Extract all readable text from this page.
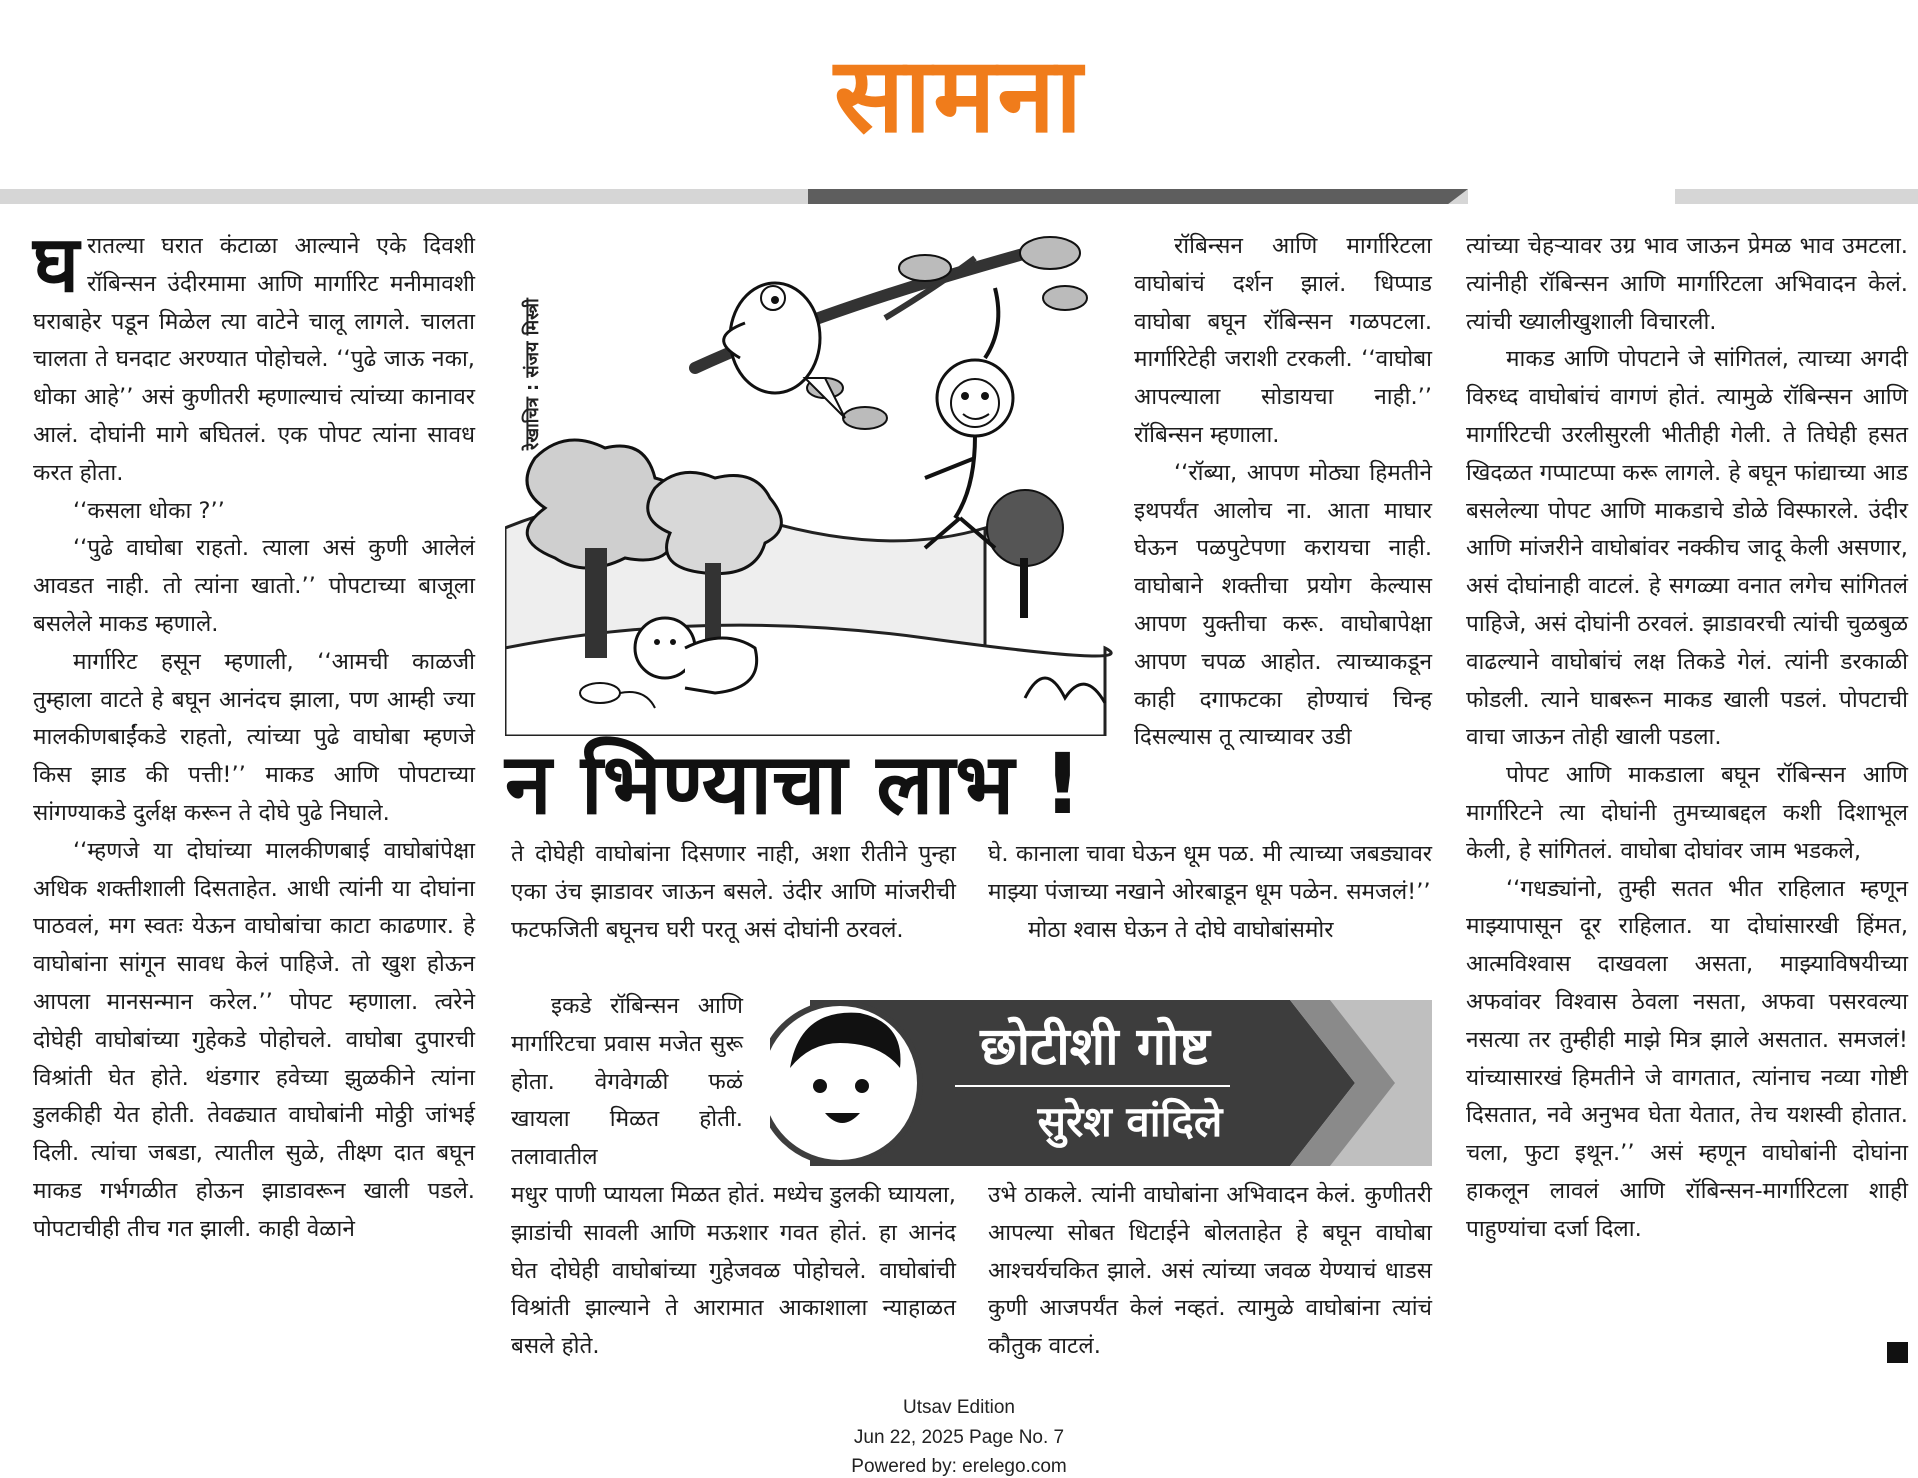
सामना

घरातल्या घरात कंटाळा आल्याने एके दिवशी रॉबिन्सन उंदीरमामा आणि मार्गारिट मनीमावशी घराबाहेर पडून मिळेल त्या वाटेने चालू लागले. चालता चालता ते घनदाट अरण्यात पोहोचले. ‘‘पुढे जाऊ नका, धोका आहे’’ असं कुणीतरी म्हणाल्याचं त्यांच्या कानावर आलं. दोघांनी मागे बघितलं. एक पोपट त्यांना सावध करत होता.

‘‘कसला धोका ?’’

‘‘पुढे वाघोबा राहतो. त्याला असं कुणी आलेलं आवडत नाही. तो त्यांना खातो.’’ पोपटाच्या बाजूला बसलेले माकड म्हणाले.

मार्गारिट हसून म्हणाली, ‘‘आमची काळजी तुम्हाला वाटते हे बघून आनंदच झाला, पण आम्ही ज्या मालकीणबाईंकडे राहतो, त्यांच्या पुढे वाघोबा म्हणजे किस झाड की पत्ती!’’ माकड आणि पोपटाच्या सांगण्याकडे दुर्लक्ष करून ते दोघे पुढे निघाले.

‘‘म्हणजे या दोघांच्या मालकीणबाई वाघोबांपेक्षा अधिक शक्तीशाली दिसताहेत. आधी त्यांनी या दोघांना पाठवलं, मग स्वतः येऊन वाघोबांचा काटा काढणार. हे वाघोबांना सांगून सावध केलं पाहिजे. तो खुश होऊन आपला मानसन्मान करेल.’’ पोपट म्हणाला. त्वरेने दोघेही वाघोबांच्या गुहेकडे पोहोचले. वाघोबा दुपारची विश्रांती घेत होते. थंडगार हवेच्या झुळकीने त्यांना डुलकीही येत होती. तेवढ्यात वाघोबांनी मोठ्ठी जांभई दिली. त्यांचा जबडा, त्यातील सुळे, तीक्ष्ण दात बघून माकड गर्भगळीत होऊन झाडावरून खाली पडले. पोपटाचीही तीच गत झाली. काही वेळाने

रेखाचित्र : संजय मिस्त्री
न भिण्याचा लाभ !

ते दोघेही वाघोबांना दिसणार नाही, अशा रीतीने पुन्हा एका उंच झाडावर जाऊन बसले. उंदीर आणि मांजरीची फटफजिती बघूनच घरी परतू असं दोघांनी ठरवलं.

इकडे रॉबिन्सन आणि मार्गारिटचा प्रवास मजेत सुरू होता. वेगवेगळी फळं खायला मिळत होती. तलावातील

मधुर पाणी प्यायला मिळत होतं. मध्येच डुलकी घ्यायला, झाडांची सावली आणि मऊशार गवत होतं. हा आनंद घेत दोघेही वाघोबांच्या गुहेजवळ पोहोचले. वाघोबांची विश्रांती झाल्याने ते आरामात आकाशाला न्याहाळत बसले होते.

रॉबिन्सन आणि मार्गारिटला वाघोबांचं दर्शन झालं. धिप्पाड वाघोबा बघून रॉबिन्सन गळपटला. मार्गारिटेही जराशी टरकली. ‘‘वाघोबा आपल्याला सोडायचा नाही.’’ रॉबिन्सन म्हणाला.

‘‘रॉब्या, आपण मोठ्या हिमतीने इथपर्यंत आलोच ना. आता माघार घेऊन पळपुटेपणा करायचा नाही. वाघोबाने शक्तीचा प्रयोग केल्यास आपण युक्तीचा करू. वाघोबापेक्षा आपण चपळ आहोत. त्याच्याकडून काही दगाफटका होण्याचं चिन्ह दिसल्यास तू त्याच्यावर उडी

घे. कानाला चावा घेऊन धूम पळ. मी त्याच्या जबड्यावर माझ्या पंजाच्या नखाने ओरबाडून धूम पळेन. समजलं!’’

मोठा श्वास घेऊन ते दोघे वाघोबांसमोर

उभे ठाकले. त्यांनी वाघोबांना अभिवादन केलं. कुणीतरी आपल्या सोबत धिटाईने बोलताहेत हे बघून वाघोबा आश्चर्यचकित झाले. असं त्यांच्या जवळ येण्याचं धाडस कुणी आजपर्यंत केलं नव्हतं. त्यामुळे वाघोबांना त्यांचं कौतुक वाटलं.

छोटीशी गोष्ट
सुरेश वांदिले

त्यांच्या चेहऱ्यावर उग्र भाव जाऊन प्रेमळ भाव उमटला. त्यांनीही रॉबिन्सन आणि मार्गारिटला अभिवादन केलं. त्यांची ख्यालीखुशाली विचारली.

माकड आणि पोपटाने जे सांगितलं, त्याच्या अगदी विरुध्द वाघोबांचं वागणं होतं. त्यामुळे रॉबिन्सन आणि मार्गारिटची उरलीसुरली भीतीही गेली. ते तिघेही हसत खिदळत गप्पाटप्पा करू लागले. हे बघून फांद्याच्या आड बसलेल्या पोपट आणि माकडाचे डोळे विस्फारले. उंदीर आणि मांजरीने वाघोबांवर नक्कीच जादू केली असणार, असं दोघांनाही वाटलं. हे सगळ्या वनात लगेच सांगितलं पाहिजे, असं दोघांनी ठरवलं. झाडावरची त्यांची चुळबुळ वाढल्याने वाघोबांचं लक्ष तिकडे गेलं. त्यांनी डरकाळी फोडली. त्याने घाबरून माकड खाली पडलं. पोपटाची वाचा जाऊन तोही खाली पडला.

पोपट आणि माकडाला बघून रॉबिन्सन आणि मार्गारिटने त्या दोघांनी तुमच्याबद्दल कशी दिशाभूल केली, हे सांगितलं. वाघोबा दोघांवर जाम भडकले,

‘‘गधड्यांनो, तुम्ही सतत भीत राहिलात म्हणून माझ्यापासून दूर राहिलात. या दोघांसारखी हिंमत, आत्मविश्वास दाखवला असता, माझ्याविषयीच्या अफवांवर विश्वास ठेवला नसता, अफवा पसरवल्या नसत्या तर तुम्हीही माझे मित्र झाले असतात. समजलं! यांच्यासारखं हिमतीने जे वागतात, त्यांनाच नव्या गोष्टी दिसतात, नवे अनुभव घेता येतात, तेच यशस्वी होतात. चला, फुटा इथून.’’ असं म्हणून वाघोबांनी दोघांना हाकलून लावलं आणि रॉबिन्सन-मार्गारिटला शाही पाहुण्यांचा दर्जा दिला.

Utsav Edition
Jun 22, 2025 Page No. 7
Powered by: erelego.com
